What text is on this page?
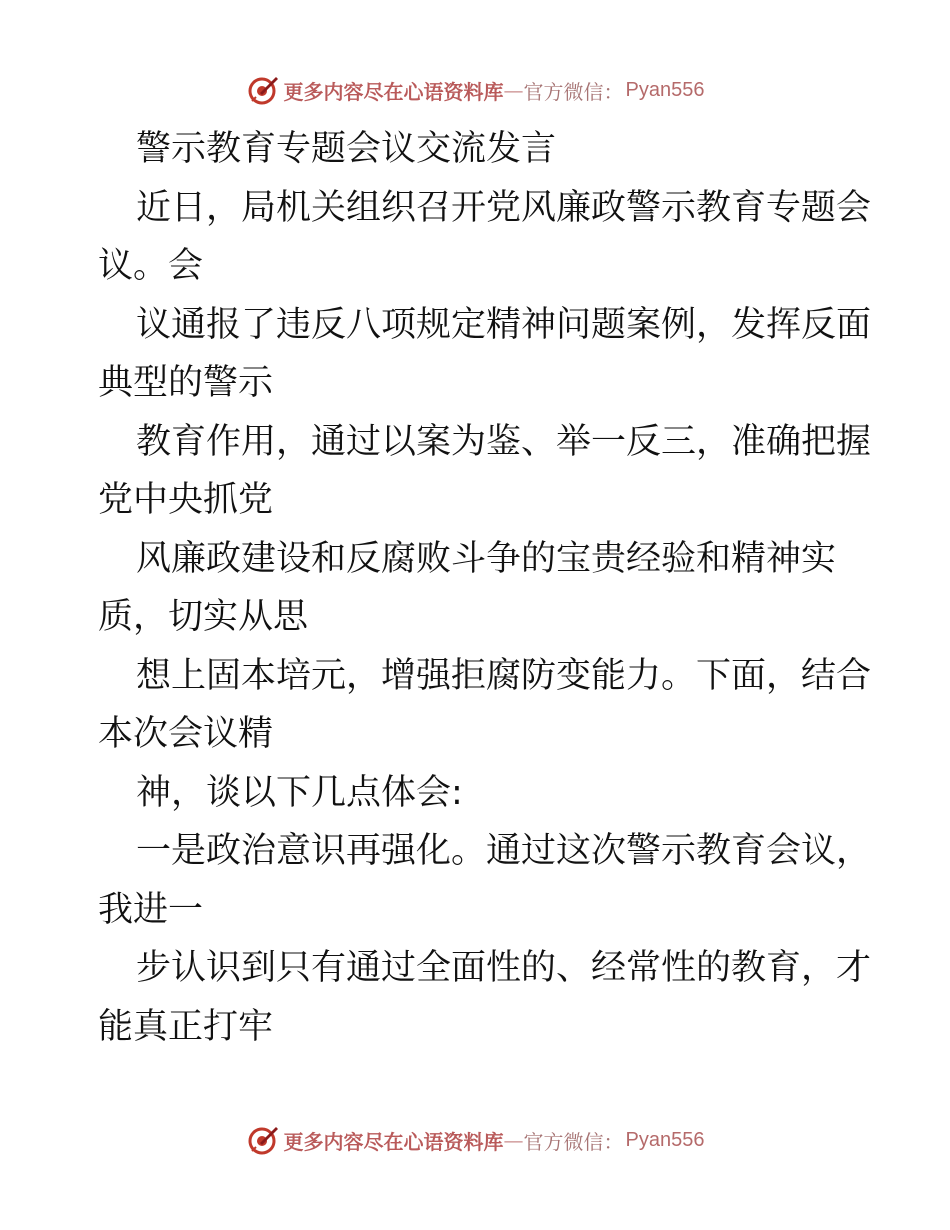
更多内容尽在心语资料库 — 官方微信： Pyan556
警示教育专题会议交流发言
近日，局机关组织召开党风廉政警示教育专题会
议。会
议通报了违反八项规定精神问题案例，发挥反面
典型的警示
教育作用，通过以案为鉴、举一反三，准确把握
党中央抓党
风廉政建设和反腐败斗争的宝贵经验和精神实
质，切实从思
想上固本培元，增强拒腐防变能力。下面，结合
本次会议精
神，谈以下几点体会:
一是政治意识再强化。通过这次警示教育会议，
我进一
步认识到只有通过全面性的、经常性的教育，才
能真正打牢
更多内容尽在心语资料库 — 官方微信： Pyan556
